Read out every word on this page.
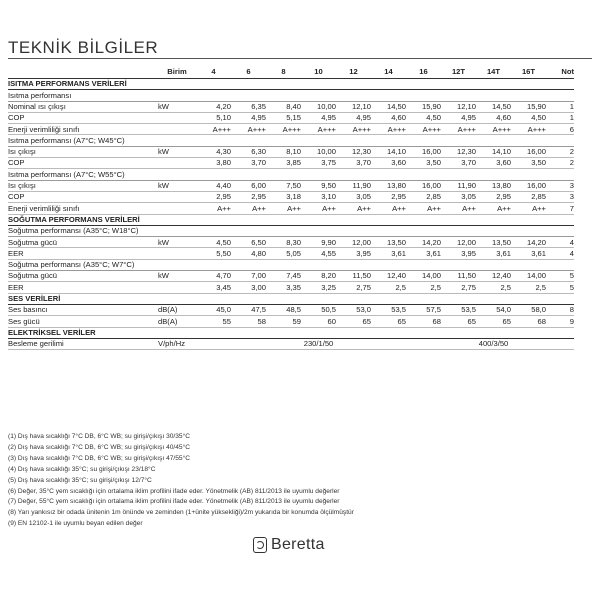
TEKNİK BİLGİLER
	Birim	4	6	8	10	12	14	16	12T	14T	16T	Not
ISITMA PERFORMANS VERİLERİ												
Isıtma performansı												
Nominal ısı çıkışı	kW	4,20	6,35	8,40	10,00	12,10	14,50	15,90	12,10	14,50	15,90	1
COP		5,10	4,95	5,15	4,95	4,95	4,60	4,50	4,95	4,60	4,50	1
Enerji verimliliği sınıfı		A+++	A+++	A+++	A+++	A+++	A+++	A+++	A+++	A+++	A+++	6
Isıtma performansı (A7°C; W45°C)												
Isı çıkışı	kW	4,30	6,30	8,10	10,00	12,30	14,10	16,00	12,30	14,10	16,00	2
COP		3,80	3,70	3,85	3,75	3,70	3,60	3,50	3,70	3,60	3,50	2
Isıtma performansı (A7°C; W55°C)												
Isı çıkışı	kW	4,40	6,00	7,50	9,50	11,90	13,80	16,00	11,90	13,80	16,00	3
COP		2,95	2,95	3,18	3,10	3,05	2,95	2,85	3,05	2,95	2,85	3
Enerji verimliliği sınıfı		A++	A++	A++	A++	A++	A++	A++	A++	A++	A++	7
SOĞUTMA PERFORMANS VERİLERİ												
Soğutma performansı (A35°C; W18°C)												
Soğutma gücü	kW	4,50	6,50	8,30	9,90	12,00	13,50	14,20	12,00	13,50	14,20	4
EER		5,50	4,80	5,05	4,55	3,95	3,61	3,61	3,95	3,61	3,61	4
Soğutma performansı (A35°C; W7°C)												
Soğutma gücü	kW	4,70	7,00	7,45	8,20	11,50	12,40	14,00	11,50	12,40	14,00	5
EER		3,45	3,00	3,35	3,25	2,75	2,5	2,5	2,75	2,5	2,5	5
SES VERİLERİ												
Ses basıncı	dB(A)	45,0	47,5	48,5	50,5	53,0	53,5	57,5	53,5	54,0	58,0	8
Ses gücü	dB(A)	55	58	59	60	65	65	68	65	65	68	9
ELEKTRİKSEL VERİLER												
Besleme gerilimi	V/ph/Hz	230/1/50							400/3/50			
(1) Dış hava sıcaklığı 7°C DB, 6°C WB; su girişi/çıkışı 30/35°C
(2) Dış hava sıcaklığı 7°C DB, 6°C WB; su girişi/çıkışı 40/45°C
(3) Dış hava sıcaklığı 7°C DB, 6°C WB; su girişi/çıkışı 47/55°C
(4) Dış hava sıcaklığı 35°C; su girişi/çıkışı 23/18°C
(5) Dış hava sıcaklığı 35°C; su girişi/çıkışı 12/7°C
(6) Değer, 35°C yem sıcaklığı için ortalama iklim profilini ifade eder. Yönetmelik (AB) 811/2013 ile uyumlu değerler
(7) Değer, 55°C yem sıcaklığı için ortalama iklim profilini ifade eder. Yönetmelik (AB) 811/2013 ile uyumlu değerler
(8) Yarı yankısız bir odada ünitenin 1m önünde ve zeminden (1+ünite yüksekliği)/2m yukarıda bir konumda ölçülmüştür
(9) EN 12102-1 ile uyumlu beyan edilen değer
Beretta
